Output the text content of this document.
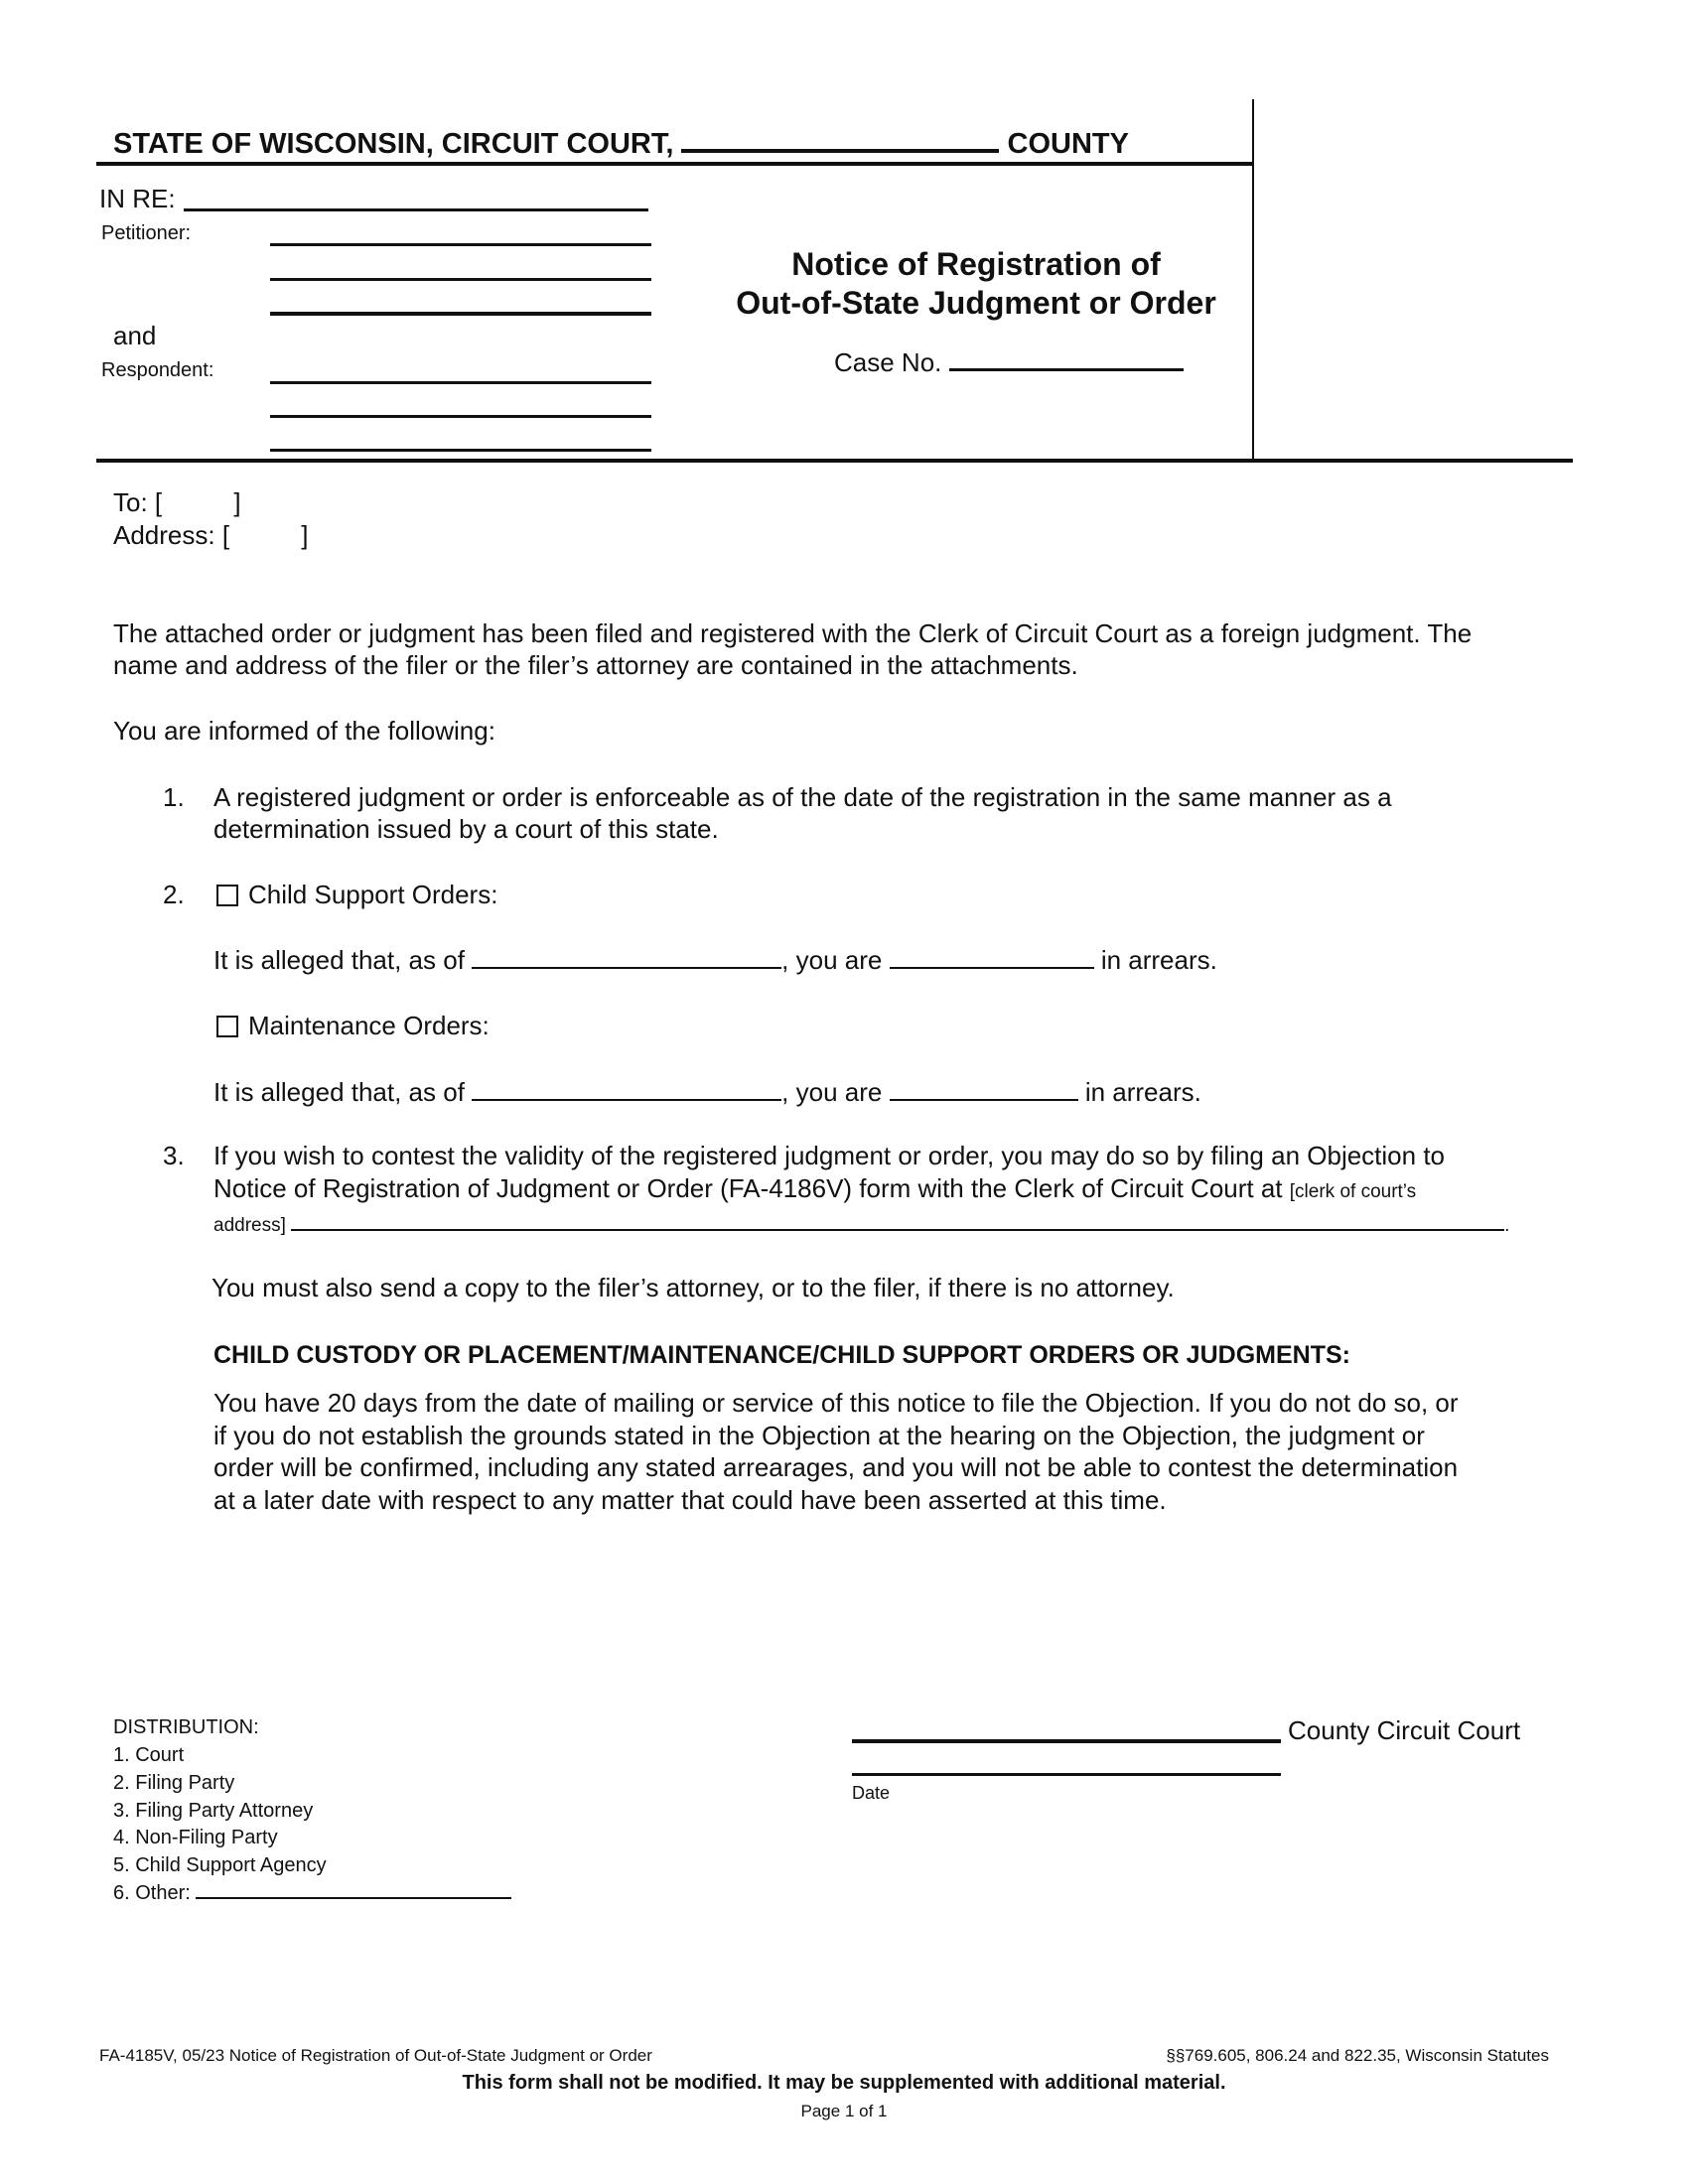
STATE OF WISCONSIN, CIRCUIT COURT,	COUNTY
IN RE:
Petitioner:
and
Respondent:
Notice of Registration of
Out-of-State Judgment or Order
Case No.
To: [          ]
Address: [          ]
The attached order or judgment has been filed and registered with the Clerk of Circuit Court as a foreign judgment. The
name and address of the filer or the filer’s attorney are contained in the attachments.
You are informed of the following:
1. A registered judgment or order is enforceable as of the date of the registration in the same manner as a
determination issued by a court of this state.
2.	Child Support Orders:
It is alleged that, as of	, you are	in arrears.
Maintenance Orders:
It is alleged that, as of	, you are	in arrears.
3. If you wish to contest the validity of the registered judgment or order, you may do so by filing an Objection to
Notice of Registration of Judgment or Order (FA-4186V) form with the Clerk of Circuit Court at [clerk of court’s
address]	.
You must also send a copy to the filer’s attorney, or to the filer, if there is no attorney.
CHILD CUSTODY OR PLACEMENT/MAINTENANCE/CHILD SUPPORT ORDERS OR JUDGMENTS:
You have 20 days from the date of mailing or service of this notice to file the Objection. If you do not do so, or
if you do not establish the grounds stated in the Objection at the hearing on the Objection, the judgment or
order will be confirmed, including any stated arrearages, and you will not be able to contest the determination
at a later date with respect to any matter that could have been asserted at this time.
DISTRIBUTION:
1. Court
2. Filing Party
3. Filing Party Attorney
4. Non-Filing Party
5. Child Support Agency
6. Other:
County Circuit Court
Date
FA-4185V, 05/23 Notice of Registration of Out-of-State Judgment or Order	§§769.605, 806.24 and 822.35, Wisconsin Statutes
This form shall not be modified. It may be supplemented with additional material.
Page 1 of 1
